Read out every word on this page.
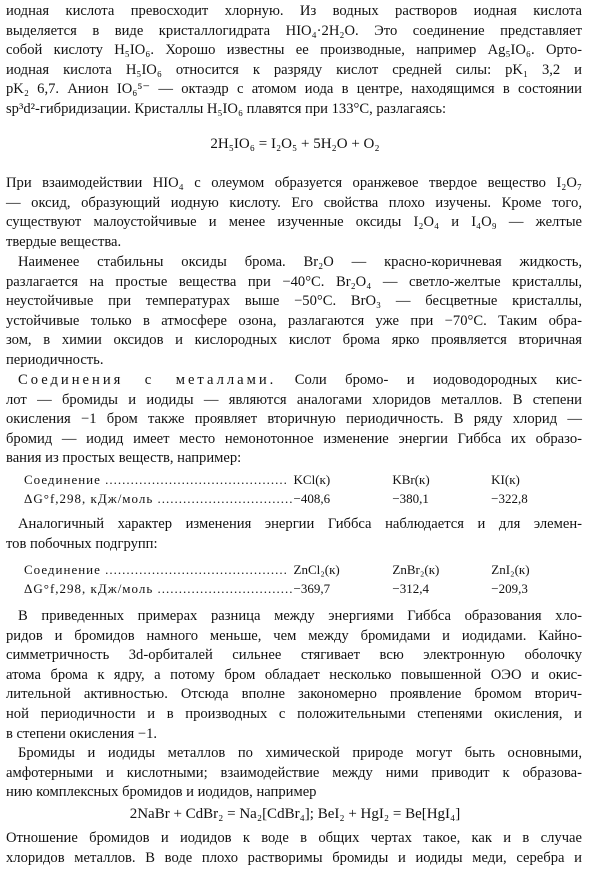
иодная кислота превосходит хлорную. Из водных растворов иодная кислота
выделяется в виде кристаллогидрата HIO₄·2H₂O. Это соединение представляет
собой кислоту H₅IO₆. Хорошо известны ее производные, например Ag₅IO₆. Орто-
иодная кислота H₅IO₆ относится к разряду кислот средней силы: pK₁ 3,2 и
pK₂ 6,7. Анион IO₆⁵⁻ — октаэдр с атомом иода в центре, находящимся в состоянии
sp³d²-гибридизации. Кристаллы H₅IO₆ плавятся при 133°С, разлагаясь:
2H₅IO₆ = I₂O₅ + 5H₂O + O₂
При взаимодействии HIO₄ с олеумом образуется оранжевое твердое вещество I₂O₇
— оксид, образующий иодную кислоту. Его свойства плохо изучены. Кроме того,
существуют малоустойчивые и менее изученные оксиды I₂O₄ и I₄O₉ — желтые
твердые вещества.
Наименее стабильны оксиды брома. Br₂O — красно-коричневая жидкость,
разлагается на простые вещества при −40°С. Br₂O₄ — светло-желтые кристаллы,
неустойчивые при температурах выше −50°С. BrO₃ — бесцветные кристаллы,
устойчивые только в атмосфере озона, разлагаются уже при −70°С. Таким обра-
зом, в химии оксидов и кислородных кислот брома ярко проявляется вторичная
периодичность.
Соединения с металлами. Соли бромо- и иодоводородных кис-
лот — бромиды и иодиды — являются аналогами хлоридов металлов. В степени
окисления −1 бром также проявляет вторичную периодичность. В ряду хлорид —
бромид — иодид имеет место немонотонное изменение энергии Гиббса их образо-
вания из простых веществ, например:
Соединение ...........................................	KCl(к)	KBr(к)	KI(к)
ΔG°f,298, кДж/моль ................................	−408,6	−380,1	−322,8
Аналогичный характер изменения энергии Гиббса наблюдается и для элемен-
тов побочных подгрупп:
Соединение ...........................................	ZnCl₂(к)	ZnBr₂(к)	ZnI₂(к)
ΔG°f,298, кДж/моль ................................	−369,7	−312,4	−209,3
В приведенных примерах разница между энергиями Гиббса образования хло-
ридов и бромидов намного меньше, чем между бромидами и иодидами. Кайно-
симметричность 3d-орбиталей сильнее стягивает всю электронную оболочку
атома брома к ядру, а потому бром обладает несколько повышенной ОЭО и окис-
лительной активностью. Отсюда вполне закономерно проявление бромом вторич-
ной периодичности и в производных с положительными степенями окисления, и
в степени окисления −1.
Бромиды и иодиды металлов по химической природе могут быть основными,
амфотерными и кислотными; взаимодействие между ними приводит к образова-
нию комплексных бромидов и иодидов, например
2NaBr + CdBr₂ = Na₂[CdBr₄]; BeI₂ + HgI₂ = Be[HgI₄]
Отношение бромидов и иодидов к воде в общих чертах такое, как и в случае
хлоридов металлов. В воде плохо растворимы бромиды и иодиды меди, серебра и
